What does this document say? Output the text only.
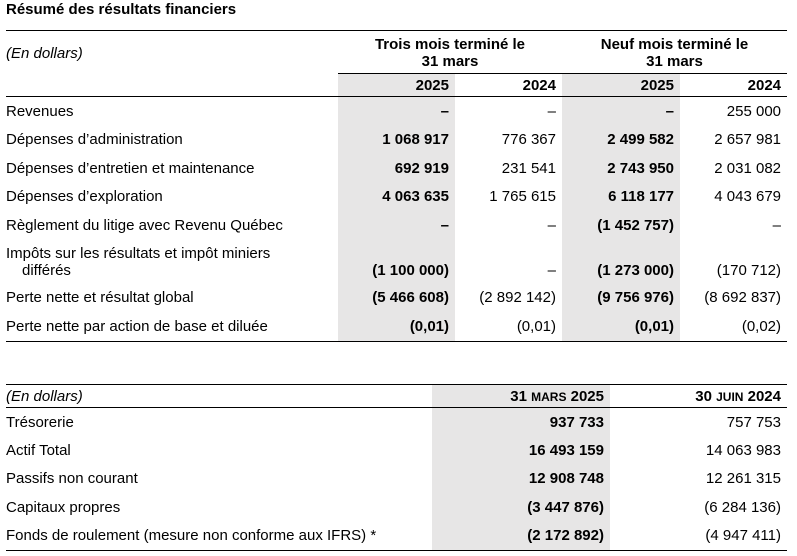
Résumé des résultats financiers
(En dollars)	Trois mois terminé le		Neuf mois terminé le	
	31 mars		31 mars	
	2025	2024	2025	2024
Revenues	–	–	–	255 000
Dépenses d’administration	1 068 917	776 367	2 499 582	2 657 981
Dépenses d’entretien et maintenance	692 919	231 541	2 743 950	2 031 082
Dépenses d’exploration	4 063 635	1 765 615	6 118 177	4 043 679
Règlement du litige avec Revenu Québec	–	–	(1 452 757)	–
Impôts sur les résultats et impôt miniers				
différés	(1 100 000)	–	(1 273 000)	(170 712)
Perte nette et résultat global	(5 466 608)	(2 892 142)	(9 756 976)	(8 692 837)
Perte nette par action de base et diluée	(0,01)	(0,01)	(0,01)	(0,02)
(En dollars)	31 MARS 2025	30 JUIN 2024
Trésorerie	937 733	757 753
Actif Total	16 493 159	14 063 983
Passifs non courant	12 908 748	12 261 315
Capitaux propres	(3 447 876)	(6 284 136)
Fonds de roulement (mesure non conforme aux IFRS) *	(2 172 892)	(4 947 411)
